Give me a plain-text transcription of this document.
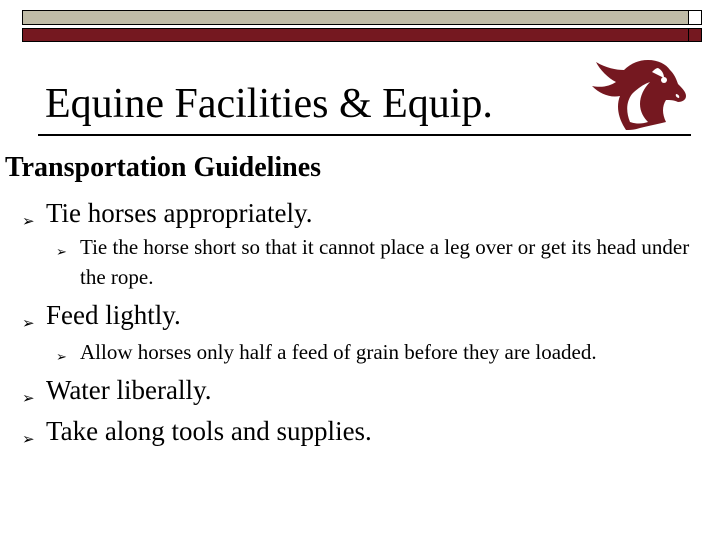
Equine Facilities & Equip.
Transportation Guidelines
➢ Tie horses appropriately.
➢ Tie the horse short so that it cannot place a leg over or get its head under the rope.
➢ Feed lightly.
➢ Allow horses only half a feed of grain before they are loaded.
➢ Water liberally.
➢ Take along tools and supplies.
